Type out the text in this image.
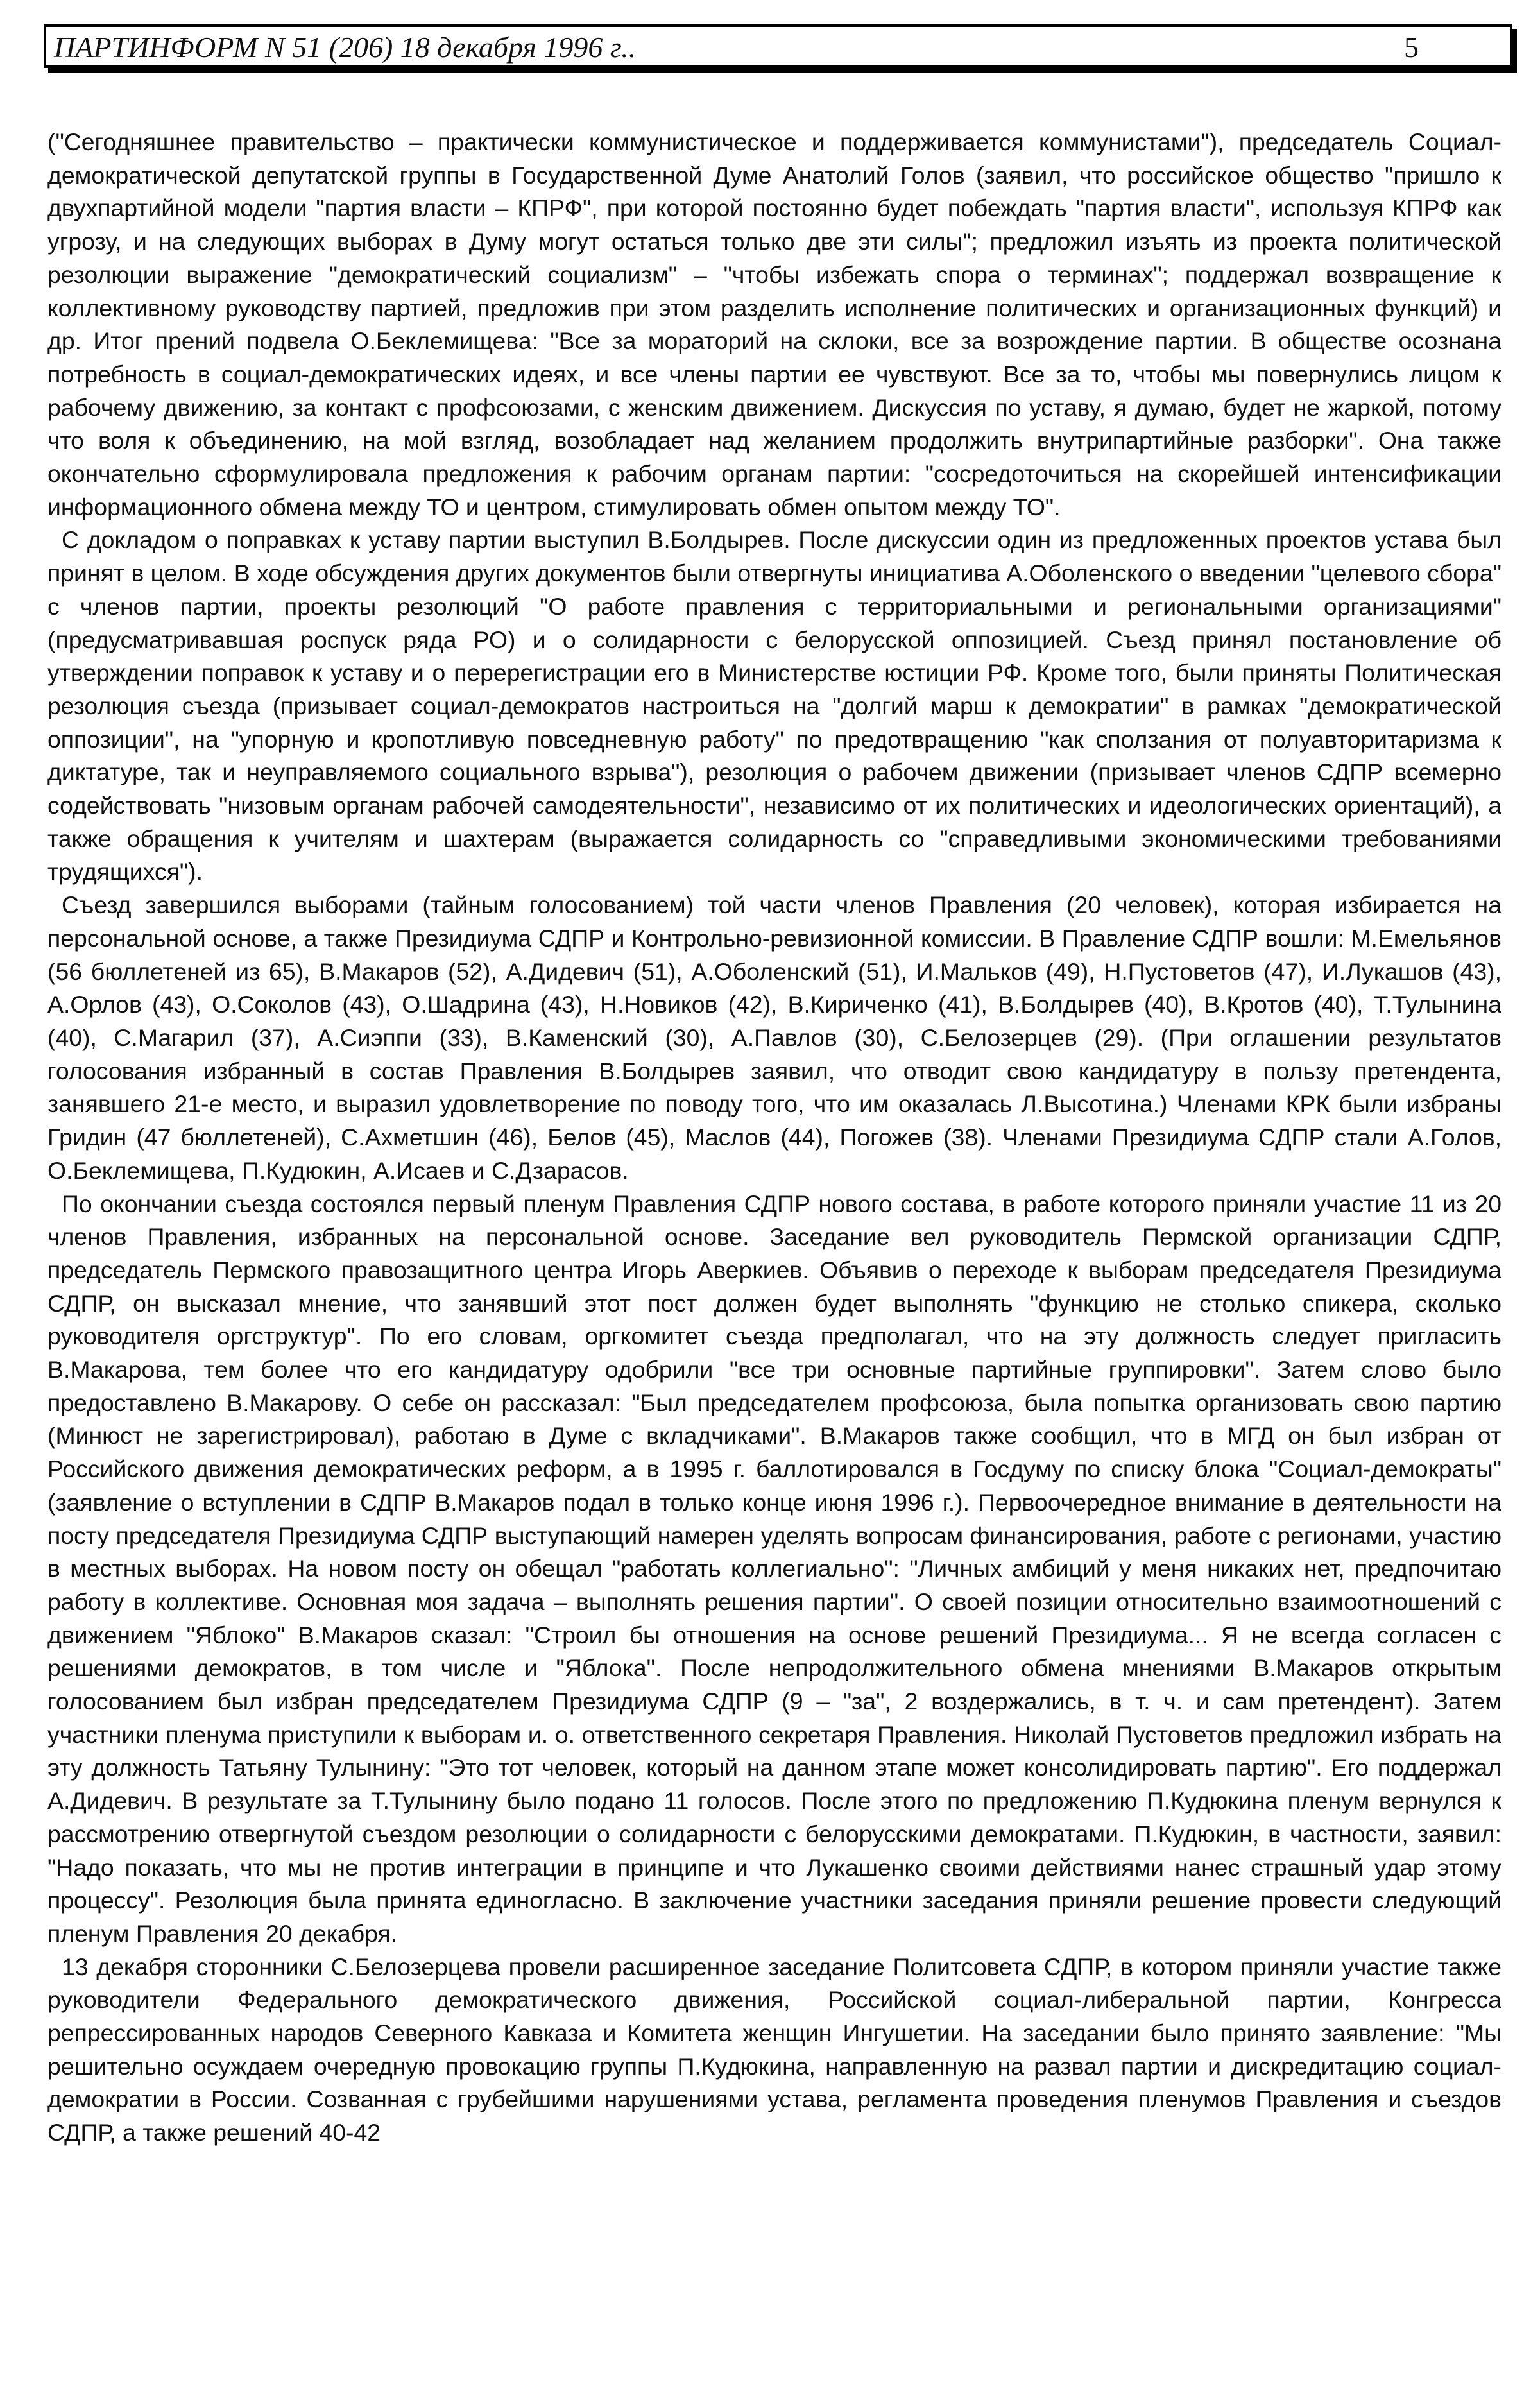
ПАРТИНФОРМ N 51 (206) 18 декабря 1996 г..	5

("Сегодняшнее правительство – практически коммунистическое и поддерживается коммунистами"), председатель Социал-демократической депутатской группы в Государственной Думе Анатолий Голов (заявил, что российское общество "пришло к двухпартийной модели "партия власти – КПРФ", при которой постоянно будет побеждать "партия власти", используя КПРФ как угрозу, и на следующих выборах в Думу могут остаться только две эти силы"; предложил изъять из проекта политической резолюции выражение "демократический социализм" – "чтобы избежать спора о терминах"; поддержал возвращение к коллективному руководству партией, предложив при этом разделить исполнение политических и организационных функций) и др. Итог прений подвела О.Беклемищева: "Все за мораторий на склоки, все за возрождение партии. В обществе осознана потребность в социал-демократических идеях, и все члены партии ее чувствуют. Все за то, чтобы мы повернулись лицом к рабочему движению, за контакт с профсоюзами, с женским движением. Дискуссия по уставу, я думаю, будет не жаркой, потому что воля к объединению, на мой взгляд, возобладает над желанием продолжить внутрипартийные разборки". Она также окончательно сформулировала предложения к рабочим органам партии: "сосредоточиться на скорейшей интенсификации информационного обмена между ТО и центром, стимулировать обмен опытом между ТО".

С докладом о поправках к уставу партии выступил В.Болдырев. После дискуссии один из предложенных проектов устава был принят в целом. В ходе обсуждения других документов были отвергнуты инициатива А.Оболенского о введении "целевого сбора" с членов партии, проекты резолюций "О работе правления с территориальными и региональными организациями" (предусматривавшая роспуск ряда РО) и о солидарности с белорусской оппозицией. Съезд принял постановление об утверждении поправок к уставу и о перерегистрации его в Министерстве юстиции РФ. Кроме того, были приняты Политическая резолюция съезда (призывает социал-демократов настроиться на "долгий марш к демократии" в рамках "демократической оппозиции", на "упорную и кропотливую повседневную работу" по предотвращению "как сползания от полуавторитаризма к диктатуре, так и неуправляемого социального взрыва"), резолюция о рабочем движении (призывает членов СДПР всемерно содействовать "низовым органам рабочей самодеятельности", независимо от их политических и идеологических ориентаций), а также обращения к учителям и шахтерам (выражается солидарность со "справедливыми экономическими требованиями трудящихся").

Съезд завершился выборами (тайным голосованием) той части членов Правления (20 человек), которая избирается на персональной основе, а также Президиума СДПР и Контрольно-ревизионной комиссии. В Правление СДПР вошли: М.Емельянов (56 бюллетеней из 65), В.Макаров (52), А.Дидевич (51), А.Оболенский (51), И.Мальков (49), Н.Пустоветов (47), И.Лукашов (43), А.Орлов (43), О.Соколов (43), О.Шадрина (43), Н.Новиков (42), В.Кириченко (41), В.Болдырев (40), В.Кротов (40), Т.Тулынина (40), С.Магарил (37), А.Сиэппи (33), В.Каменский (30), А.Павлов (30), С.Белозерцев (29). (При оглашении результатов голосования избранный в состав Правления В.Болдырев заявил, что отводит свою кандидатуру в пользу претендента, занявшего 21-е место, и выразил удовлетворение по поводу того, что им оказалась Л.Высотина.) Членами КРК были избраны Гридин (47 бюллетеней), С.Ахметшин (46), Белов (45), Маслов (44), Погожев (38). Членами Президиума СДПР стали А.Голов, О.Беклемищева, П.Кудюкин, А.Исаев и С.Дзарасов.

По окончании съезда состоялся первый пленум Правления СДПР нового состава, в работе которого приняли участие 11 из 20 членов Правления, избранных на персональной основе. Заседание вел руководитель Пермской организации СДПР, председатель Пермского правозащитного центра Игорь Аверкиев. Объявив о переходе к выборам председателя Президиума СДПР, он высказал мнение, что занявший этот пост должен будет выполнять "функцию не столько спикера, сколько руководителя оргструктур". По его словам, оргкомитет съезда предполагал, что на эту должность следует пригласить В.Макарова, тем более что его кандидатуру одобрили "все три основные партийные группировки". Затем слово было предоставлено В.Макарову. О себе он рассказал: "Был председателем профсоюза, была попытка организовать свою партию (Минюст не зарегистрировал), работаю в Думе с вкладчиками". В.Макаров также сообщил, что в МГД он был избран от Российского движения демократических реформ, а в 1995 г. баллотировался в Госдуму по списку блока "Социал-демократы" (заявление о вступлении в СДПР В.Макаров подал в только конце июня 1996 г.). Первоочередное внимание в деятельности на посту председателя Президиума СДПР выступающий намерен уделять вопросам финансирования, работе с регионами, участию в местных выборах. На новом посту он обещал "работать коллегиально": "Личных амбиций у меня никаких нет, предпочитаю работу в коллективе. Основная моя задача – выполнять решения партии". О своей позиции относительно взаимоотношений с движением "Яблоко" В.Макаров сказал: "Строил бы отношения на основе решений Президиума... Я не всегда согласен с решениями демократов, в том числе и "Яблока". После непродолжительного обмена мнениями В.Макаров открытым голосованием был избран председателем Президиума СДПР (9 – "за", 2 воздержались, в т. ч. и сам претендент). Затем участники пленума приступили к выборам и. о. ответственного секретаря Правления. Николай Пустоветов предложил избрать на эту должность Татьяну Тулынину: "Это тот человек, который на данном этапе может консолидировать партию". Его поддержал А.Дидевич. В результате за Т.Тулынину было подано 11 голосов. После этого по предложению П.Кудюкина пленум вернулся к рассмотрению отвергнутой съездом резолюции о солидарности с белорусскими демократами. П.Кудюкин, в частности, заявил: "Надо показать, что мы не против интеграции в принципе и что Лукашенко своими действиями нанес страшный удар этому процессу". Резолюция была принята единогласно. В заключение участники заседания приняли решение провести следующий пленум Правления 20 декабря.

13 декабря сторонники С.Белозерцева провели расширенное заседание Политсовета СДПР, в котором приняли участие также руководители Федерального демократического движения, Российской социал-либеральной партии, Конгресса репрессированных народов Северного Кавказа и Комитета женщин Ингушетии. На заседании было принято заявление: "Мы решительно осуждаем очередную провокацию группы П.Кудюкина, направленную на развал партии и дискредитацию социал-демократии в России. Созванная с грубейшими нарушениями устава, регламента проведения пленумов Правления и съездов СДПР, а также решений 40-42
